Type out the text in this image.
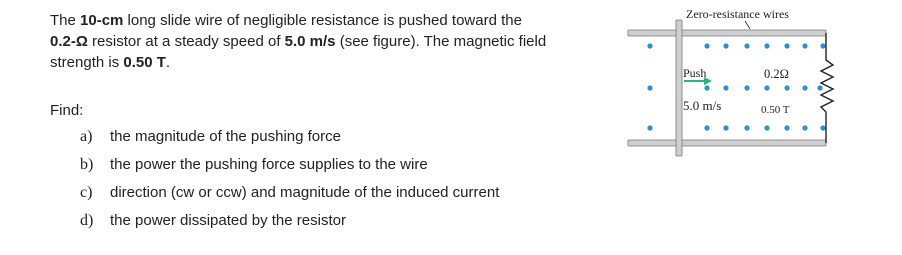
The 10-cm long slide wire of negligible resistance is pushed toward the
0.2-Ω resistor at a steady speed of 5.0 m/s (see figure). The magnetic field
strength is 0.50 T.
Find:
a) the magnitude of the pushing force
b) the power the pushing force supplies to the wire
c) direction (cw or ccw) and magnitude of the induced current
d) the power dissipated by the resistor
Zero-resistance wires
Push	0.2Ω
5.0 m/s	0.50 T
